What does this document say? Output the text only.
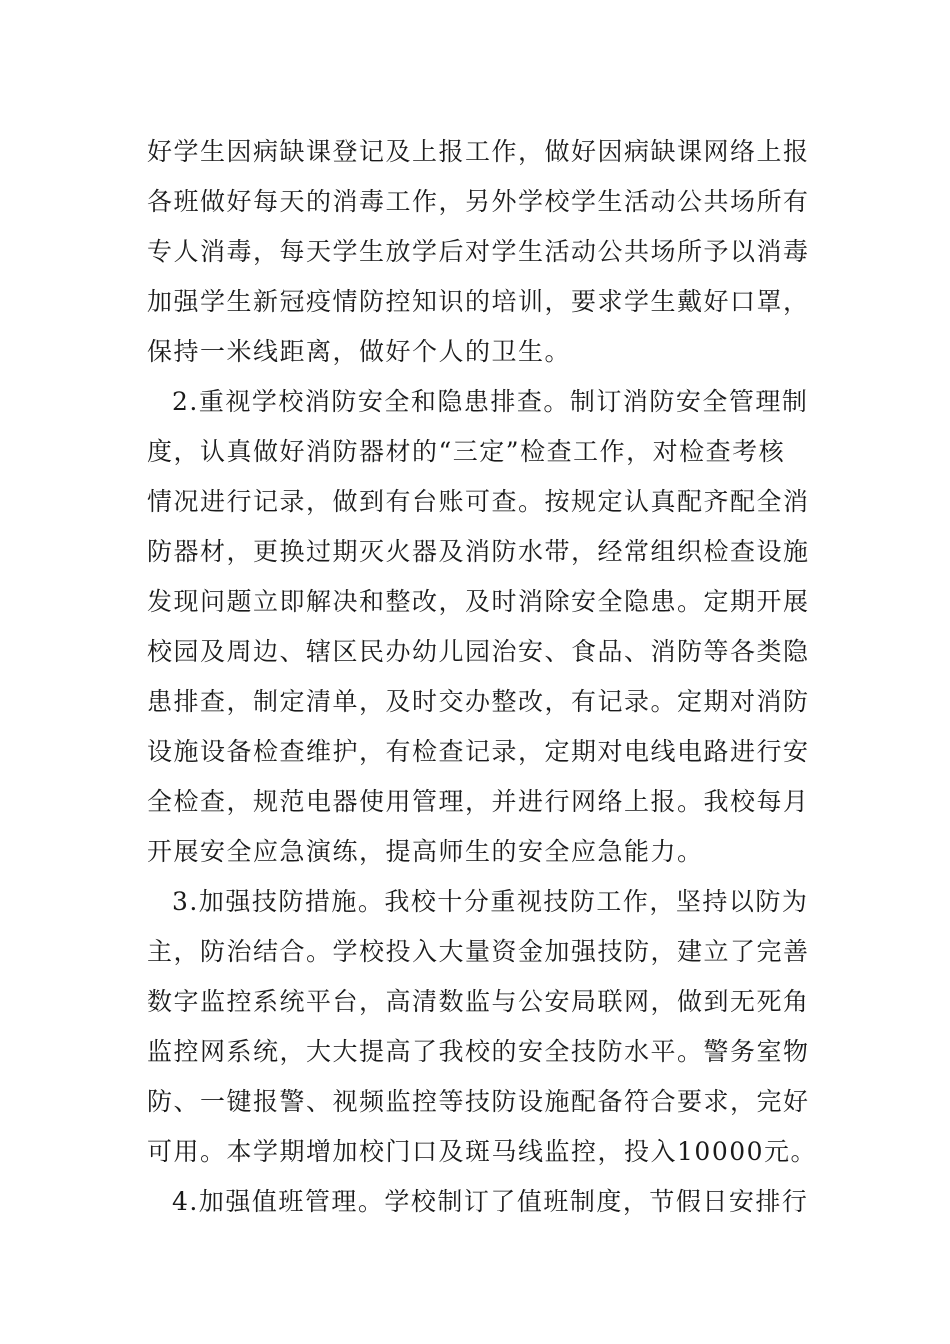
好学生因病缺课登记及上报工作，做好因病缺课网络上报
各班做好每天的消毒工作，另外学校学生活动公共场所有
专人消毒，每天学生放学后对学生活动公共场所予以消毒
加强学生新冠疫情防控知识的培训，要求学生戴好口罩，
保持一米线距离，做好个人的卫生。
2.重视学校消防安全和隐患排查。制订消防安全管理制
度，认真做好消防器材的“三定”检查工作，对检查考核
情况进行记录，做到有台账可查。按规定认真配齐配全消
防器材，更换过期灭火器及消防水带，经常组织检查设施
发现问题立即解决和整改，及时消除安全隐患。定期开展
校园及周边、辖区民办幼儿园治安、食品、消防等各类隐
患排查，制定清单，及时交办整改，有记录。定期对消防
设施设备检查维护，有检查记录，定期对电线电路进行安
全检查，规范电器使用管理，并进行网络上报。我校每月
开展安全应急演练，提高师生的安全应急能力。
3.加强技防措施。我校十分重视技防工作，坚持以防为
主，防治结合。学校投入大量资金加强技防，建立了完善
数字监控系统平台，高清数监与公安局联网，做到无死角
监控网系统，大大提高了我校的安全技防水平。警务室物
防、一键报警、视频监控等技防设施配备符合要求，完好
可用。本学期增加校门口及斑马线监控，投入10000元。
4.加强值班管理。学校制订了值班制度，节假日安排行
